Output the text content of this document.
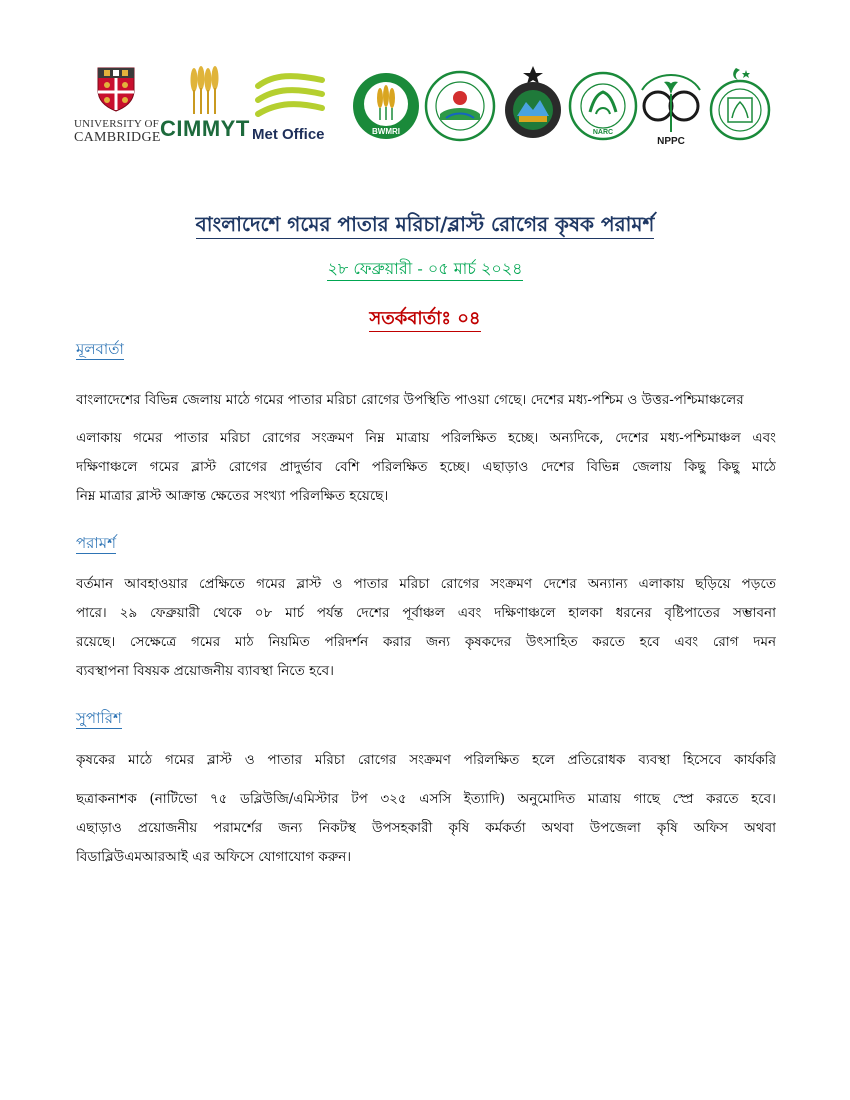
UNIVERSITY OF
CAMBRIDGE CIMMYT Met Office	BWMRI	NARC
NPPC
বাংলাদেশে গমের পাতার মরিচা/ব্লাস্ট রোগের কৃষক পরামর্শ
২৮ ফেব্রুয়ারী - ০৫ মার্চ ২০২৪
সতর্কবার্তাঃ ০৪
মূলবার্তা
বাংলাদেশের বিভিন্ন জেলায় মাঠে গমের পাতার মরিচা রোগের উপস্থিতি পাওয়া গেছে। দেশের মধ্য-পশ্চিম ও উত্তর-পশ্চিমাঞ্চলের
এলাকায় গমের পাতার মরিচা রোগের সংক্রমণ নিম্ন মাত্রায় পরিলক্ষিত হচ্ছে। অন্যদিকে, দেশের মধ্য-পশ্চিমাঞ্চল এবং
দক্ষিণাঞ্চলে গমের ব্লাস্ট রোগের প্রাদুর্ভাব বেশি পরিলক্ষিত হচ্ছে। এছাড়াও দেশের বিভিন্ন জেলায় কিছু কিছু মাঠে
নিম্ন মাত্রার ব্লাস্ট আক্রান্ত ক্ষেতের সংখ্যা পরিলক্ষিত হয়েছে।
পরামর্শ
বর্তমান আবহাওয়ার প্রেক্ষিতে গমের ব্লাস্ট ও পাতার মরিচা রোগের সংক্রমণ দেশের অন্যান্য এলাকায় ছড়িয়ে পড়তে
পারে। ২৯ ফেব্রুয়ারী থেকে ০৮ মার্চ পর্যন্ত দেশের পূর্বাঞ্চল এবং দক্ষিণাঞ্চলে হালকা ধরনের বৃষ্টিপাতের সম্ভাবনা
রয়েছে। সেক্ষেত্রে গমের মাঠ নিয়মিত পরিদর্শন করার জন্য কৃষকদের উৎসাহিত করতে হবে এবং রোগ দমন
ব্যবস্থাপনা বিষয়ক প্রয়োজনীয় ব্যাবস্থা নিতে হবে।
সুপারিশ
কৃষকের মাঠে গমের ব্লাস্ট ও পাতার মরিচা রোগের সংক্রমণ পরিলক্ষিত হলে প্রতিরোধক ব্যবস্থা হিসেবে কার্যকরি
ছত্রাকনাশক (নাটিভো ৭৫ ডব্লিউজি/এমিস্টার টপ ৩২৫ এসসি ইত্যাদি) অনুমোদিত মাত্রায় গাছে স্প্রে করতে হবে।
এছাড়াও প্রয়োজনীয় পরামর্শের জন্য নিকটস্থ উপসহকারী কৃষি কর্মকর্তা অথবা উপজেলা কৃষি অফিস অথবা
বিডাব্লিউএমআরআই এর অফিসে যোগাযোগ করুন।
